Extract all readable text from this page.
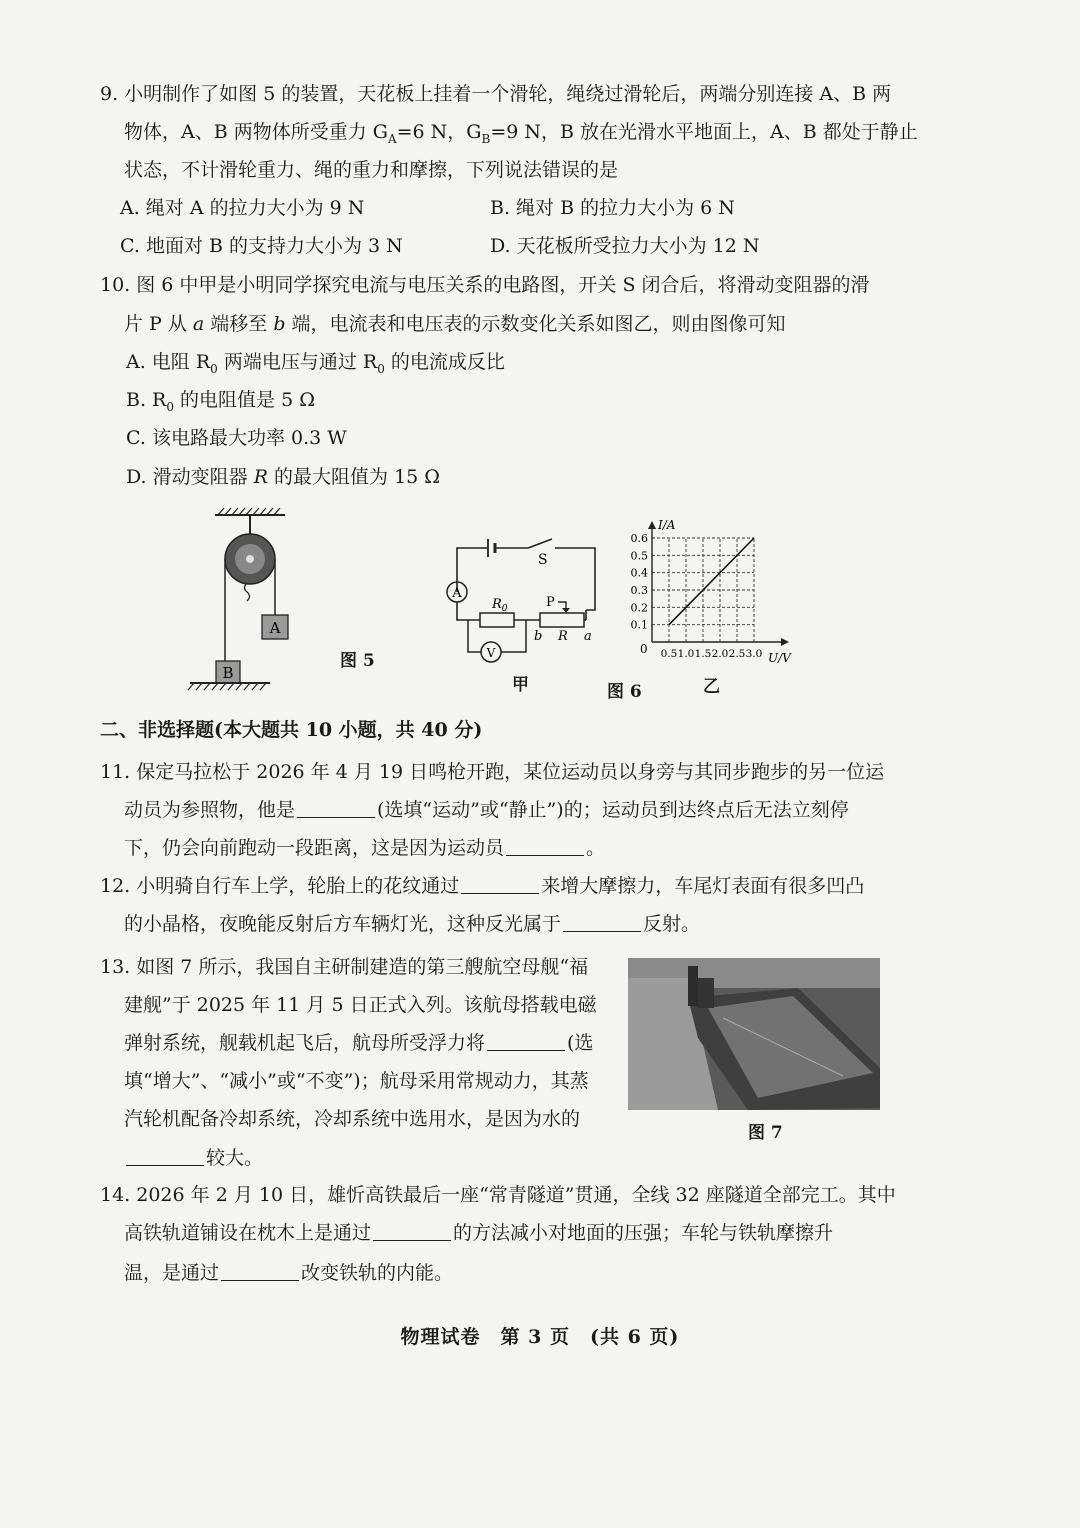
9. 小明制作了如图 5 的装置，天花板上挂着一个滑轮，绳绕过滑轮后，两端分别连接 A、B 两
物体，A、B 两物体所受重力 $G_A=6$ N，$G_B=9$ N，B 放在光滑水平地面上，A、B 都处于静止
状态，不计滑轮重力、绳的重力和摩擦，下列说法错误的是
A. 绳对 A 的拉力大小为 9 N	B. 绳对 B 的拉力大小为 6 N
C. 地面对 B 的支持力大小为 3 N	D. 天花板所受拉力大小为 12 N
10. 图 6 中甲是小明同学探究电流与电压关系的电路图，开关 S 闭合后，将滑动变阻器的滑
片 P 从 a 端移至 b 端，电流表和电压表的示数变化关系如图乙，则由图像可知
A. 电阻 $R_0$ 两端电压与通过 $R_0$ 的电流成反比
B. $R_0$ 的电阻值是 5 Ω
C. 该电路最大功率 0.3 W
D. 滑动变阻器 R 的最大阻值为 15 Ω
A
B
图 5
S
A
$R_0$	P
b R a
V
甲
I/A
U/V
0
0.1
0.2
0.3
0.4
0.5
0.6
0.5 1.0 1.5 2.0 2.5 3.0
图 6	乙
二、非选择题(本大题共 10 小题，共 40 分)
11. 保定马拉松于 2026 年 4 月 19 日鸣枪开跑，某位运动员以身旁与其同步跑步的另一位运
动员为参照物，他是	(选填“运动”或“静止”)的；运动员到达终点后无法立刻停
下，仍会向前跑动一段距离，这是因为运动员	。
12. 小明骑自行车上学，轮胎上的花纹通过	来增大摩擦力，车尾灯表面有很多凹凸
的小晶格，夜晚能反射后方车辆灯光，这种反光属于	反射。
13. 如图 7 所示，我国自主研制建造的第三艘航空母舰“福
建舰”于 2025 年 11 月 5 日正式入列。该航母搭载电磁
弹射系统，舰载机起飞后，航母所受浮力将	(选
填“增大”、“减小”或“不变”)；航母采用常规动力，其蒸
汽轮机配备冷却系统，冷却系统中选用水，是因为水的
较大。
图 7
14. 2026 年 2 月 10 日，雄忻高铁最后一座“常青隧道”贯通，全线 32 座隧道全部完工。其中
高铁轨道铺设在枕木上是通过	的方法减小对地面的压强；车轮与铁轨摩擦升
温，是通过	改变铁轨的内能。
物理试卷　第 3 页　(共 6 页)
